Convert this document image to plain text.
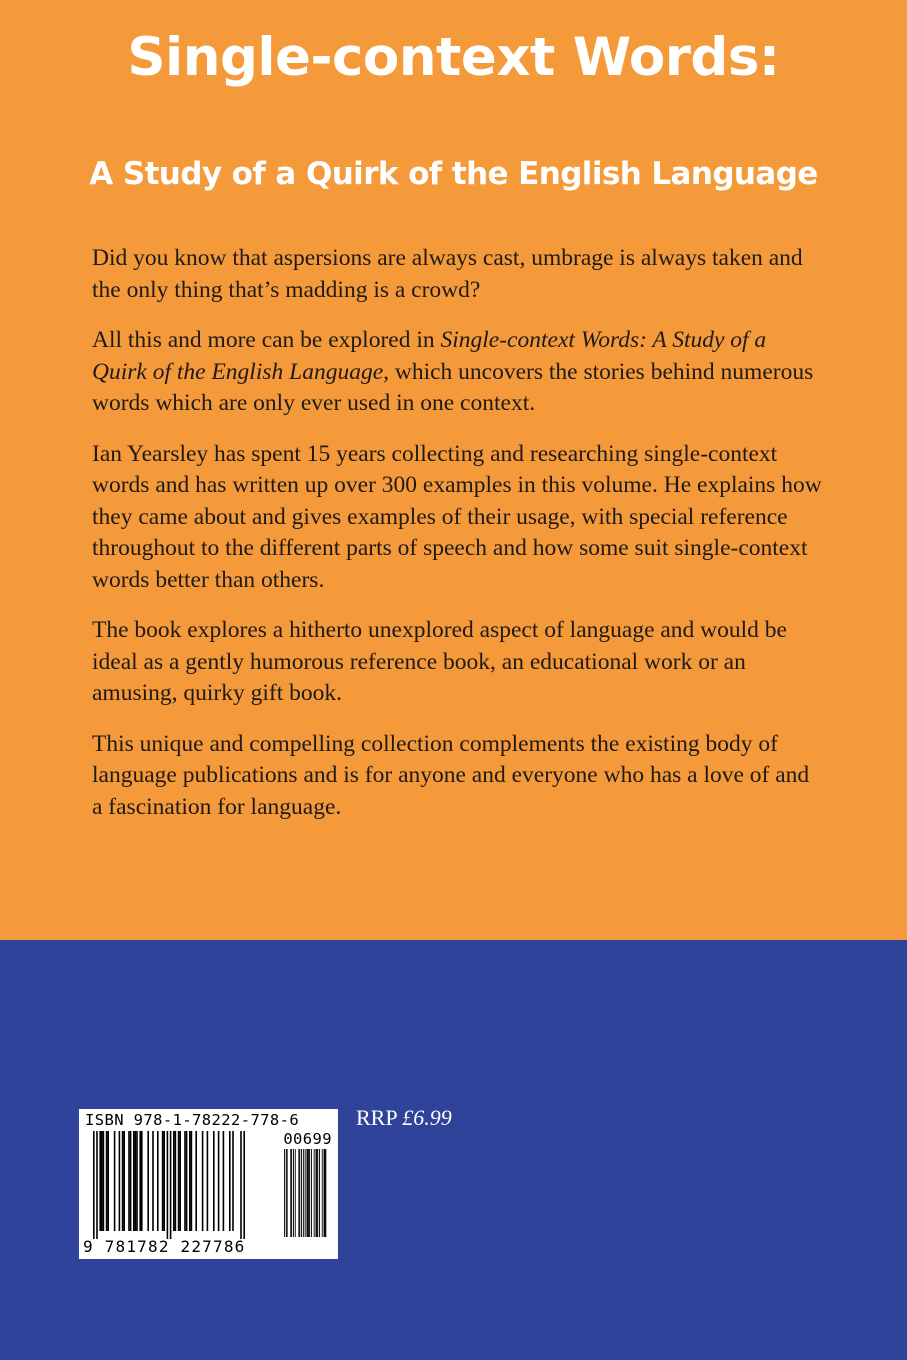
Single-context Words:
A Study of a Quirk of the English Language

Did you know that aspersions are always cast, umbrage is always taken and the only thing that’s madding is a crowd?

All this and more can be explored in Single-context Words: A Study of a Quirk of the English Language, which uncovers the stories behind numerous words which are only ever used in one context.

Ian Yearsley has spent 15 years collecting and researching single-context words and has written up over 300 examples in this volume. He explains how they came about and gives examples of their usage, with special reference throughout to the different parts of speech and how some suit single-context words better than others.

The book explores a hitherto unexplored aspect of language and would be ideal as a gently humorous reference book, an educational work or an amusing, quirky gift book.

This unique and compelling collection complements the existing body of language publications and is for anyone and everyone who has a love of and a fascination for language.

ISBN 978-1-78222-778-6
00699
9 781782 227786
RRP £6.99
